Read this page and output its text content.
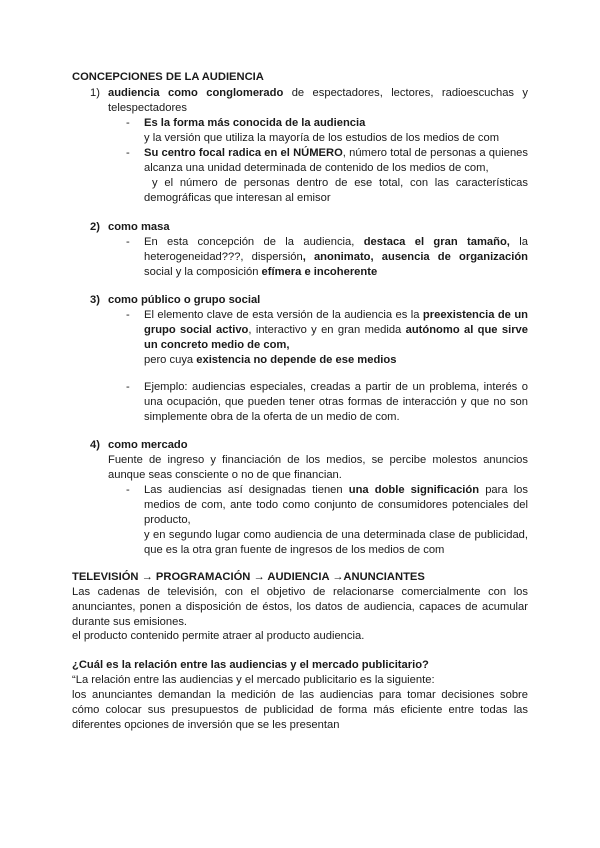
CONCEPCIONES DE LA AUDIENCIA
1) audiencia como conglomerado de espectadores, lectores, radioescuchas y telespectadores
- Es la forma más conocida de la audiencia

y la versión que utiliza la mayoría de los estudios de los medios de com

- Su centro focal radica en el NÚMERO, número total de personas a quienes alcanza una unidad determinada de contenido de los medios de com,

y el número de personas dentro de ese total, con las características demográficas que interesan al emisor

2) como masa
- En esta concepción de la audiencia, destaca el gran tamaño, la heterogeneidad???, dispersión, anonimato, ausencia de organización social y la composición efímera e incoherente
3) como público o grupo social
- El elemento clave de esta versión de la audiencia es la preexistencia de un grupo social activo, interactivo y en gran medida autónomo al que sirve un concreto medio de com,

pero cuya existencia no depende de ese medios

- Ejemplo: audiencias especiales, creadas a partir de un problema, interés o una ocupación, que pueden tener otras formas de interacción y que no son simplemente obra de la oferta de un medio de com.
4) como mercado
Fuente de ingreso y financiación de los medios, se percibe molestos anuncios aunque seas consciente o no de que financian.
- Las audiencias así designadas tienen una doble significación para los medios de com, ante todo como conjunto de consumidores potenciales del producto,

y en segundo lugar como audiencia de una determinada clase de publicidad, que es la otra gran fuente de ingresos de los medios de com

TELEVISIÓN → PROGRAMACIÓN → AUDIENCIA →ANUNCIANTES
Las cadenas de televisión, con el objetivo de relacionarse comercialmente con los anunciantes, ponen a disposición de éstos, los datos de audiencia, capaces de acumular durante sus emisiones.
el producto contenido permite atraer al producto audiencia.
¿Cuál es la relación entre las audiencias y el mercado publicitario?
“La relación entre las audiencias y el mercado publicitario es la siguiente:
los anunciantes demandan la medición de las audiencias para tomar decisiones sobre cómo colocar sus presupuestos de publicidad de forma más eficiente entre todas las diferentes opciones de inversión que se les presentan
